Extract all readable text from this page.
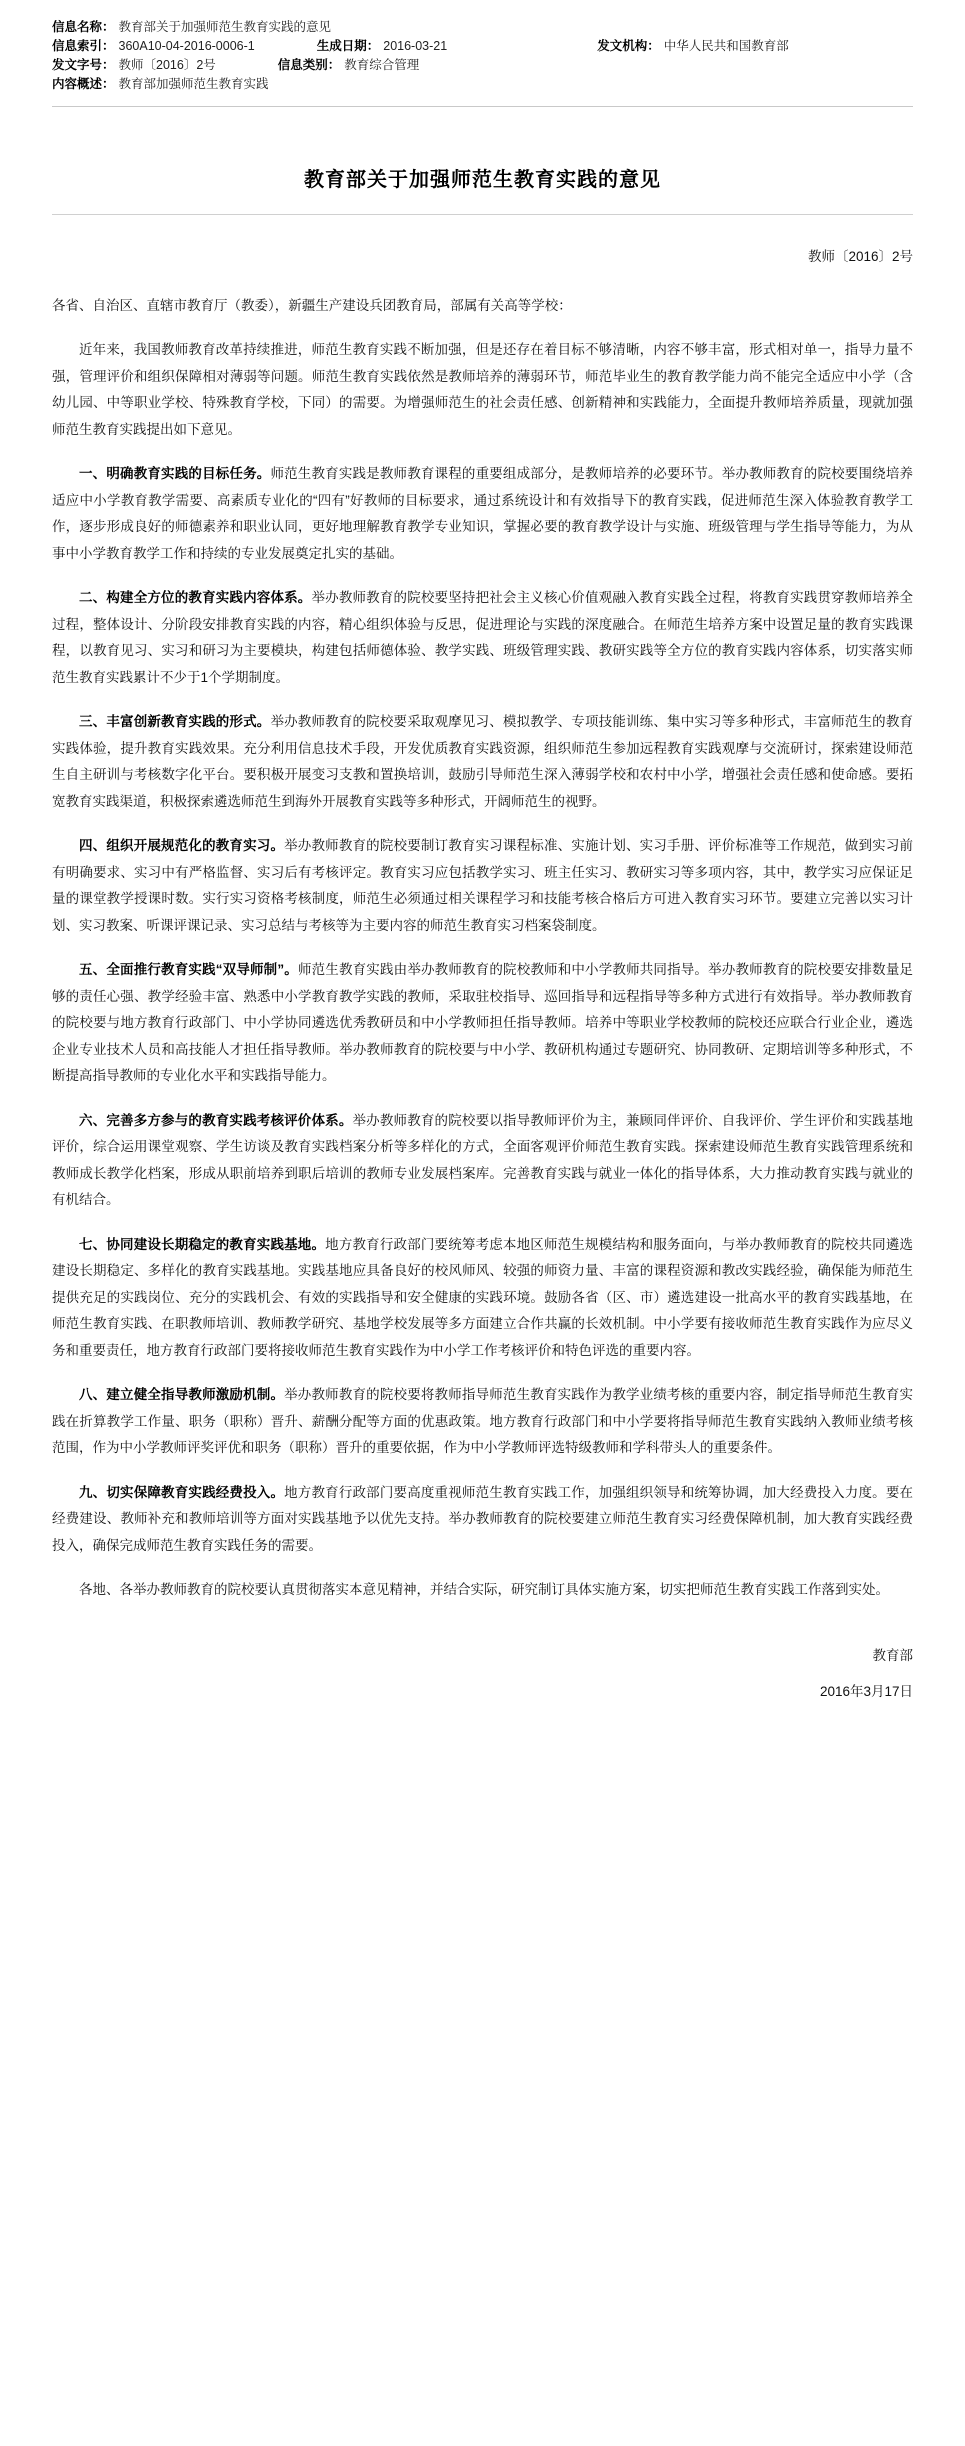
信息名称： 教育部关于加强师范生教育实践的意见
信息索引： 360A10-04-2016-0006-1	生成日期： 2016-03-21	发文机构： 中华人民共和国教育部
发文字号： 教师〔2016〕2号	信息类别： 教育综合管理
内容概述： 教育部加强师范生教育实践
教育部关于加强师范生教育实践的意见
教师〔2016〕2号
各省、自治区、直辖市教育厅（教委），新疆生产建设兵团教育局，部属有关高等学校：

近年来，我国教师教育改革持续推进，师范生教育实践不断加强，但是还存在着目标不够清晰，内容不够丰富，形式相对单一，指导力量不强，管理评价和组织保障相对薄弱等问题。师范生教育实践依然是教师培养的薄弱环节，师范毕业生的教育教学能力尚不能完全适应中小学（含幼儿园、中等职业学校、特殊教育学校，下同）的需要。为增强师范生的社会责任感、创新精神和实践能力，全面提升教师培养质量，现就加强师范生教育实践提出如下意见。

一、明确教育实践的目标任务。师范生教育实践是教师教育课程的重要组成部分，是教师培养的必要环节。举办教师教育的院校要围绕培养适应中小学教育教学需要、高素质专业化的“四有”好教师的目标要求，通过系统设计和有效指导下的教育实践，促进师范生深入体验教育教学工作，逐步形成良好的师德素养和职业认同，更好地理解教育教学专业知识，掌握必要的教育教学设计与实施、班级管理与学生指导等能力，为从事中小学教育教学工作和持续的专业发展奠定扎实的基础。

二、构建全方位的教育实践内容体系。举办教师教育的院校要坚持把社会主义核心价值观融入教育实践全过程，将教育实践贯穿教师培养全过程，整体设计、分阶段安排教育实践的内容，精心组织体验与反思，促进理论与实践的深度融合。在师范生培养方案中设置足量的教育实践课程，以教育见习、实习和研习为主要模块，构建包括师德体验、教学实践、班级管理实践、教研实践等全方位的教育实践内容体系，切实落实师范生教育实践累计不少于1个学期制度。

三、丰富创新教育实践的形式。举办教师教育的院校要采取观摩见习、模拟教学、专项技能训练、集中实习等多种形式，丰富师范生的教育实践体验，提升教育实践效果。充分利用信息技术手段，开发优质教育实践资源，组织师范生参加远程教育实践观摩与交流研讨，探索建设师范生自主研训与考核数字化平台。要积极开展变习支教和置换培训，鼓励引导师范生深入薄弱学校和农村中小学，增强社会责任感和使命感。要拓宽教育实践渠道，积极探索遴选师范生到海外开展教育实践等多种形式，开阔师范生的视野。

四、组织开展规范化的教育实习。举办教师教育的院校要制订教育实习课程标准、实施计划、实习手册、评价标准等工作规范，做到实习前有明确要求、实习中有严格监督、实习后有考核评定。教育实习应包括教学实习、班主任实习、教研实习等多项内容，其中，教学实习应保证足量的课堂教学授课时数。实行实习资格考核制度，师范生必须通过相关课程学习和技能考核合格后方可进入教育实习环节。要建立完善以实习计划、实习教案、听课评课记录、实习总结与考核等为主要内容的师范生教育实习档案袋制度。

五、全面推行教育实践“双导师制”。师范生教育实践由举办教师教育的院校教师和中小学教师共同指导。举办教师教育的院校要安排数量足够的责任心强、教学经验丰富、熟悉中小学教育教学实践的教师，采取驻校指导、巡回指导和远程指导等多种方式进行有效指导。举办教师教育的院校要与地方教育行政部门、中小学协同遴选优秀教研员和中小学教师担任指导教师。培养中等职业学校教师的院校还应联合行业企业，遴选企业专业技术人员和高技能人才担任指导教师。举办教师教育的院校要与中小学、教研机构通过专题研究、协同教研、定期培训等多种形式，不断提高指导教师的专业化水平和实践指导能力。

六、完善多方参与的教育实践考核评价体系。举办教师教育的院校要以指导教师评价为主，兼顾同伴评价、自我评价、学生评价和实践基地评价，综合运用课堂观察、学生访谈及教育实践档案分析等多样化的方式，全面客观评价师范生教育实践。探索建设师范生教育实践管理系统和教师成长教学化档案，形成从职前培养到职后培训的教师专业发展档案库。完善教育实践与就业一体化的指导体系，大力推动教育实践与就业的有机结合。

七、协同建设长期稳定的教育实践基地。地方教育行政部门要统筹考虑本地区师范生规模结构和服务面向，与举办教师教育的院校共同遴选建设长期稳定、多样化的教育实践基地。实践基地应具备良好的校风师风、较强的师资力量、丰富的课程资源和教改实践经验，确保能为师范生提供充足的实践岗位、充分的实践机会、有效的实践指导和安全健康的实践环境。鼓励各省（区、市）遴选建设一批高水平的教育实践基地，在师范生教育实践、在职教师培训、教师教学研究、基地学校发展等多方面建立合作共赢的长效机制。中小学要有接收师范生教育实践作为应尽义务和重要责任，地方教育行政部门要将接收师范生教育实践作为中小学工作考核评价和特色评选的重要内容。

八、建立健全指导教师激励机制。举办教师教育的院校要将教师指导师范生教育实践作为教学业绩考核的重要内容，制定指导师范生教育实践在折算教学工作量、职务（职称）晋升、薪酬分配等方面的优惠政策。地方教育行政部门和中小学要将指导师范生教育实践纳入教师业绩考核范围，作为中小学教师评奖评优和职务（职称）晋升的重要依据，作为中小学教师评选特级教师和学科带头人的重要条件。

九、切实保障教育实践经费投入。地方教育行政部门要高度重视师范生教育实践工作，加强组织领导和统筹协调，加大经费投入力度。要在经费建设、教师补充和教师培训等方面对实践基地予以优先支持。举办教师教育的院校要建立师范生教育实习经费保障机制，加大教育实践经费投入，确保完成师范生教育实践任务的需要。

各地、各举办教师教育的院校要认真贯彻落实本意见精神，并结合实际，研究制订具体实施方案，切实把师范生教育实践工作落到实处。

教育部
2016年3月17日
